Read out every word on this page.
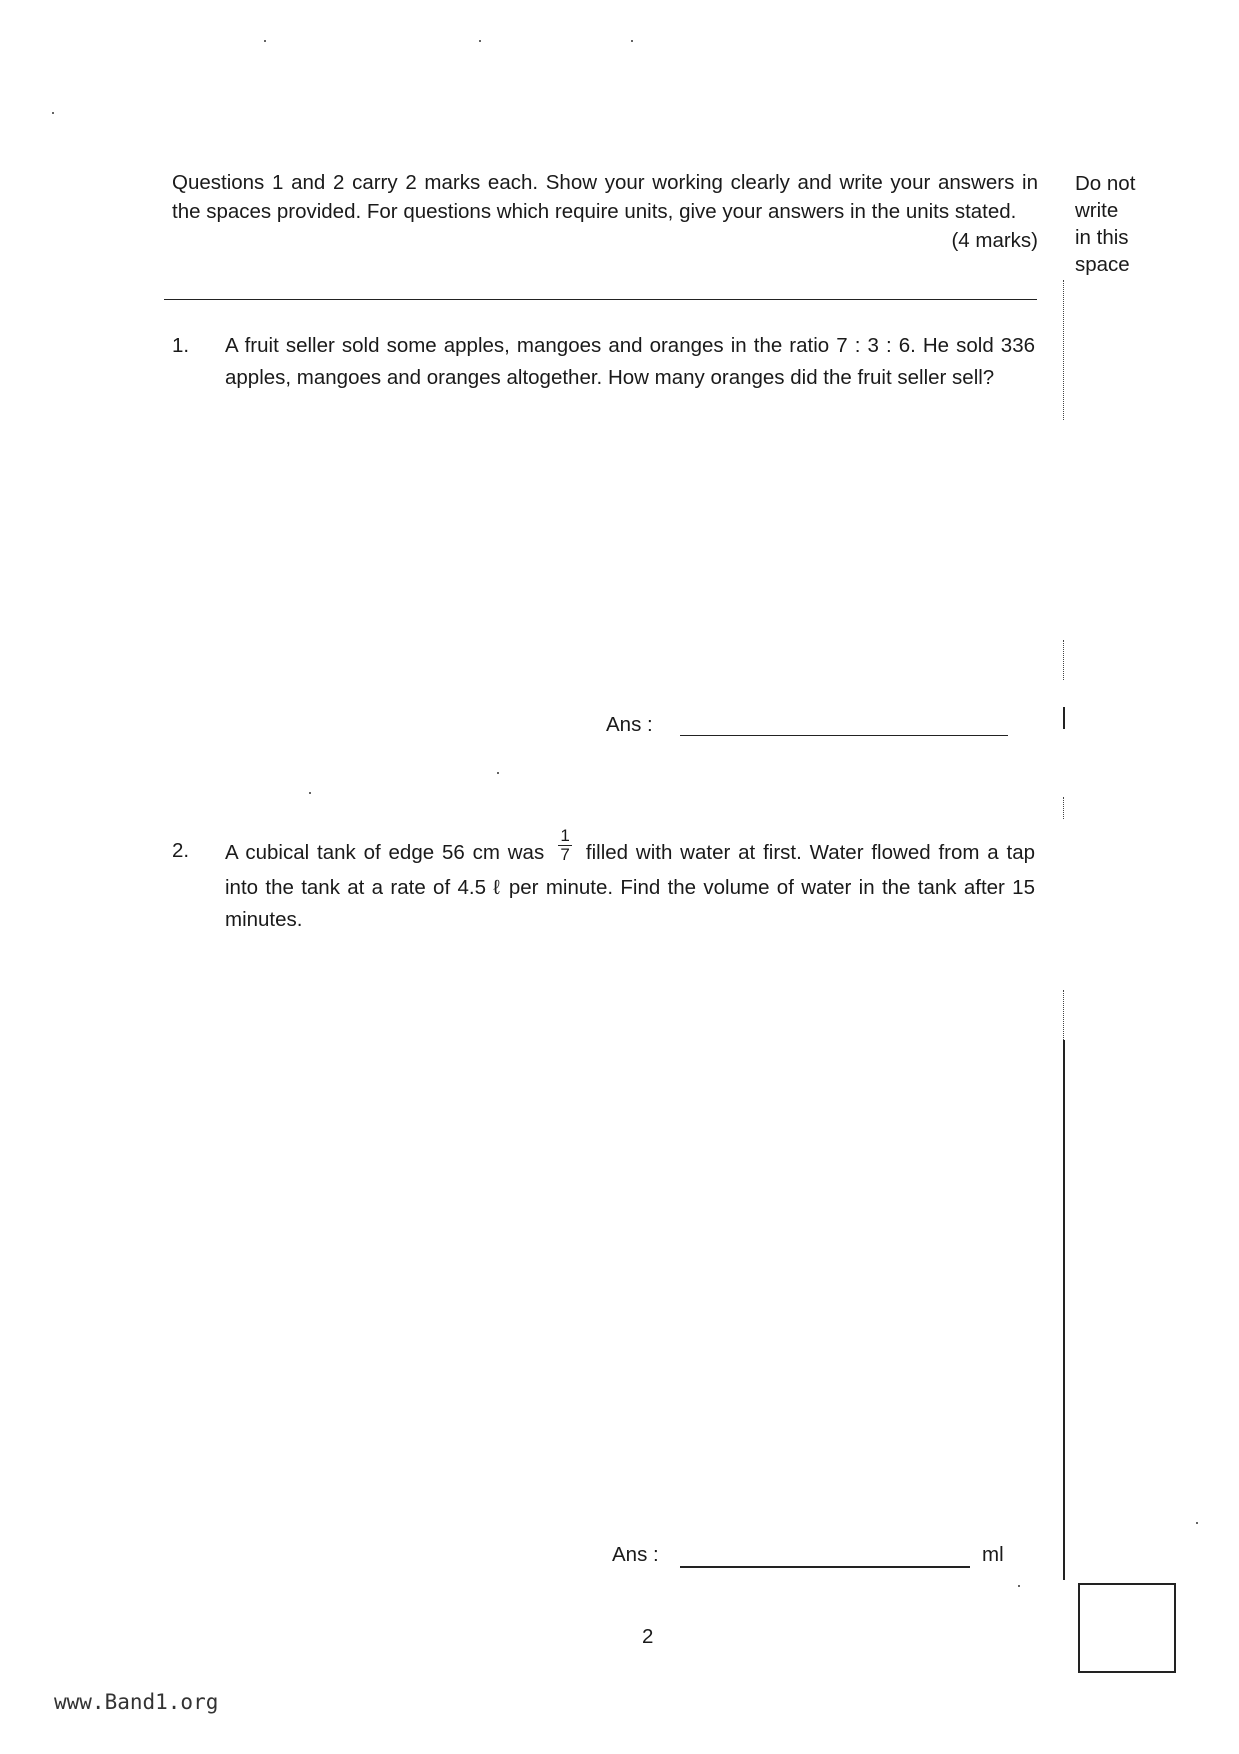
Questions 1 and 2 carry 2 marks each. Show your working clearly and write your answers in the spaces provided. For questions which require units, give your answers in the units stated.
(4 marks)
Do not
write
in this
space
1. A fruit seller sold some apples, mangoes and oranges in the ratio 7 : 3 : 6. He sold 336 apples, mangoes and oranges altogether. How many oranges did the fruit seller sell?
Ans :
2. A cubical tank of edge 56 cm was $\frac{1}{7}$ filled with water at first. Water flowed from a tap into the tank at a rate of 4.5 ℓ per minute. Find the volume of water in the tank after 15 minutes.
Ans :	ml
2
www.Band1.org
